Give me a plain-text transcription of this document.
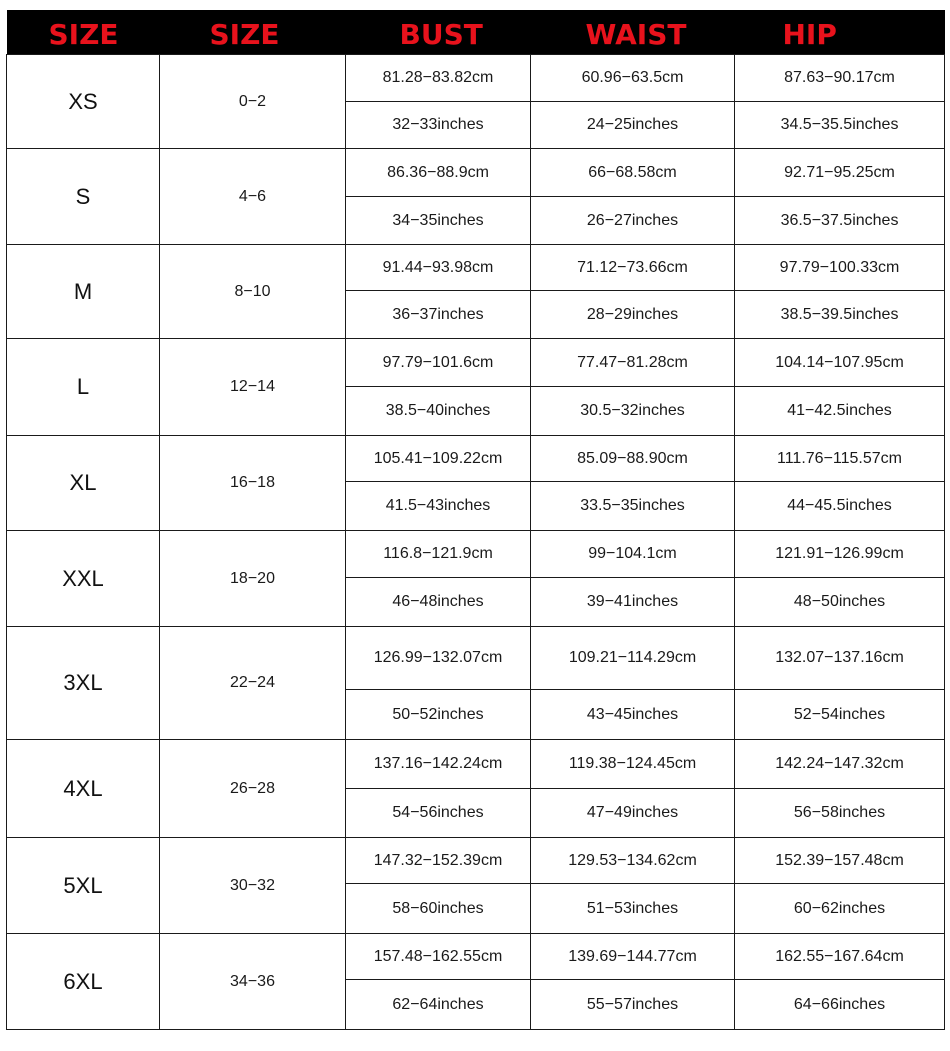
SIZE	SIZE	BUST	WAIST	HIP
XS	0−2	81.28−83.82cm	60.96−63.5cm	87.63−90.17cm
		32−33inches	24−25inches	34.5−35.5inches
S	4−6	86.36−88.9cm	66−68.58cm	92.71−95.25cm
		34−35inches	26−27inches	36.5−37.5inches
M	8−10	91.44−93.98cm	71.12−73.66cm	97.79−100.33cm
		36−37inches	28−29inches	38.5−39.5inches
L	12−14	97.79−101.6cm	77.47−81.28cm	104.14−107.95cm
		38.5−40inches	30.5−32inches	41−42.5inches
XL	16−18	105.41−109.22cm	85.09−88.90cm	111.76−115.57cm
		41.5−43inches	33.5−35inches	44−45.5inches
XXL	18−20	116.8−121.9cm	99−104.1cm	121.91−126.99cm
		46−48inches	39−41inches	48−50inches
3XL	22−24	126.99−132.07cm	109.21−114.29cm	132.07−137.16cm
		50−52inches	43−45inches	52−54inches
4XL	26−28	137.16−142.24cm	119.38−124.45cm	142.24−147.32cm
		54−56inches	47−49inches	56−58inches
5XL	30−32	147.32−152.39cm	129.53−134.62cm	152.39−157.48cm
		58−60inches	51−53inches	60−62inches
6XL	34−36	157.48−162.55cm	139.69−144.77cm	162.55−167.64cm
		62−64inches	55−57inches	64−66inches
